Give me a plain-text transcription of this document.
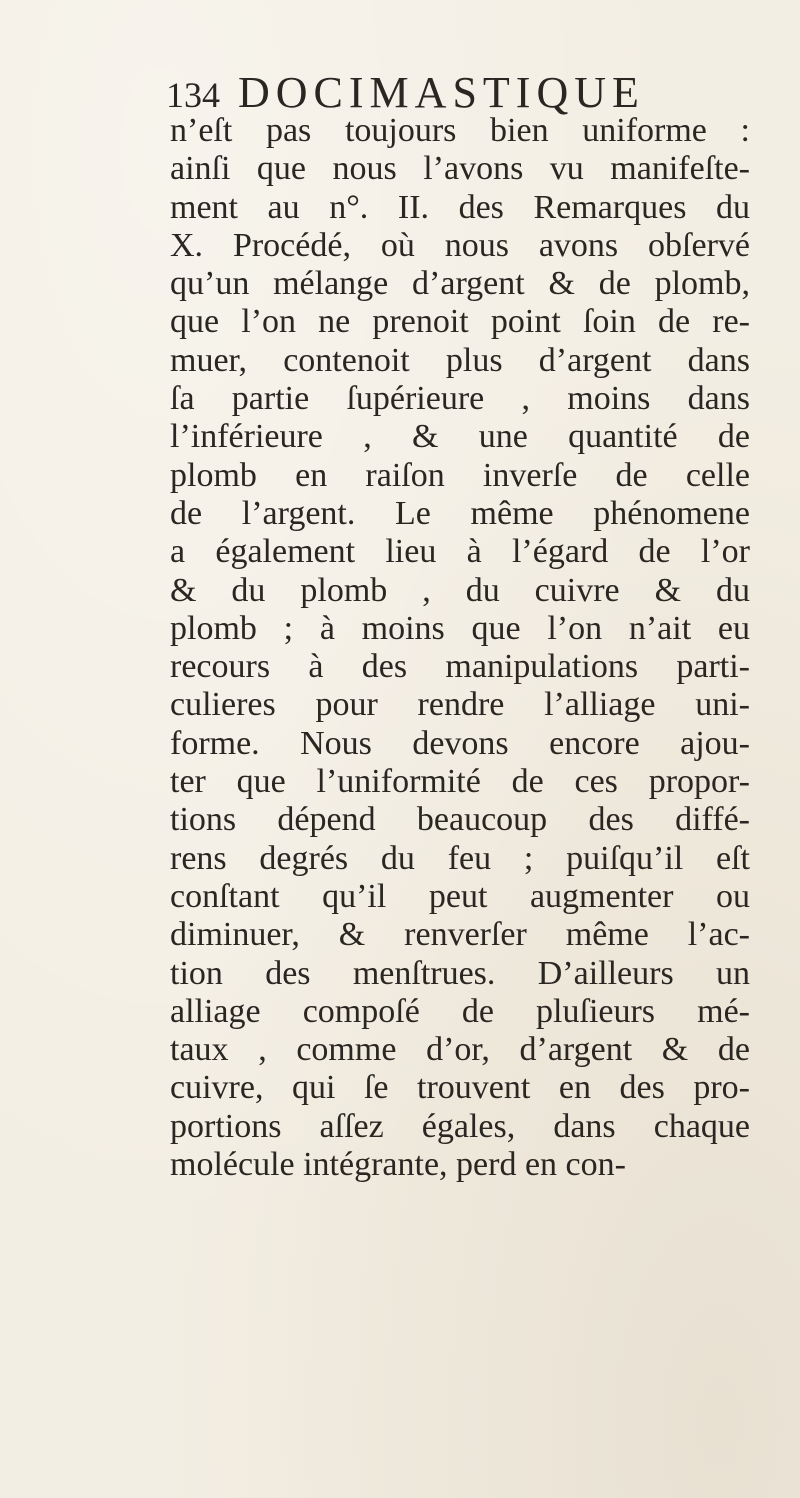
134 DOCIMASTIQUE
n’eſt pas toujours bien uniforme :
ainſi que nous l’avons vu manifeſte-
ment au n°. II. des Remarques du
X. Procédé, où nous avons obſervé
qu’un mélange d’argent & de plomb,
que l’on ne prenoit point ſoin de re-
muer, contenoit plus d’argent dans
ſa partie ſupérieure , moins dans
l’inférieure , & une quantité de
plomb en raiſon inverſe de celle
de l’argent. Le même phénomene
a également lieu à l’égard de l’or
& du plomb , du cuivre & du
plomb ; à moins que l’on n’ait eu
recours à des manipulations parti-
culieres pour rendre l’alliage uni-
forme. Nous devons encore ajou-
ter que l’uniformité de ces propor-
tions dépend beaucoup des diffé-
rens degrés du feu ; puiſqu’il eſt
conſtant qu’il peut augmenter ou
diminuer, & renverſer même l’ac-
tion des menſtrues. D’ailleurs un
alliage compoſé de pluſieurs mé-
taux , comme d’or, d’argent & de
cuivre, qui ſe trouvent en des pro-
portions aſſez égales, dans chaque
molécule intégrante, perd en con-
